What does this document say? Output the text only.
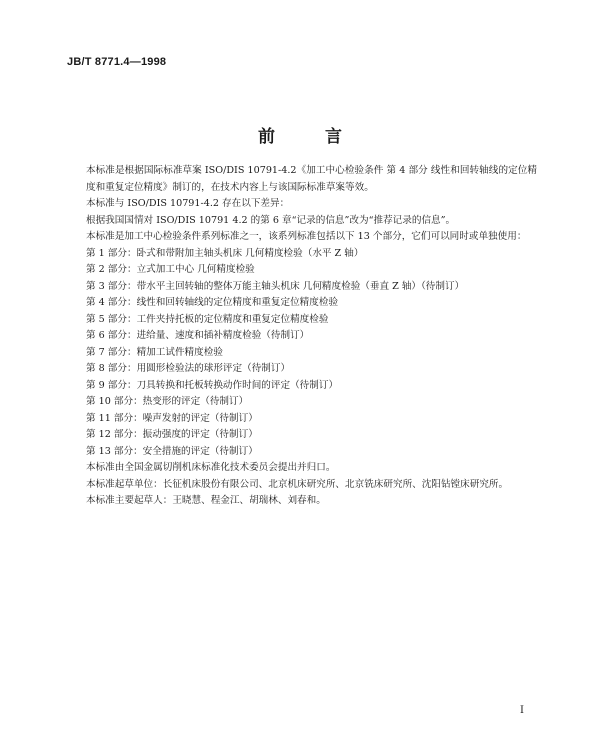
JB/T 8771.4—1998
前 言

本标准是根据国际标准草案 ISO/DIS 10791-4.2《加工中心检验条件 第 4 部分 线性和回转轴线的定位精度和重复定位精度》制订的，在技术内容上与该国际标准草案等效。

本标准与 ISO/DIS 10791-4.2 存在以下差异：

根据我国国情对 ISO/DIS 10791 4.2 的第 6 章“记录的信息”改为“推荐记录的信息”。

本标准是加工中心检验条件系列标准之一，该系列标准包括以下 13 个部分，它们可以同时或单独使用：

第 1 部分：卧式和带附加主轴头机床 几何精度检验（水平 Z 轴）

第 2 部分：立式加工中心 几何精度检验

第 3 部分：带水平主回转轴的整体万能主轴头机床 几何精度检验（垂直 Z 轴）（待制订）

第 4 部分：线性和回转轴线的定位精度和重复定位精度检验

第 5 部分：工件夹持托板的定位精度和重复定位精度检验

第 6 部分：进给量、速度和插补精度检验（待制订）

第 7 部分：精加工试件精度检验

第 8 部分：用圆形检验法的球形评定（待制订）

第 9 部分：刀具转换和托板转换动作时间的评定（待制订）

第 10 部分：热变形的评定（待制订）

第 11 部分：噪声发射的评定（待制订）

第 12 部分：振动强度的评定（待制订）

第 13 部分：安全措施的评定（待制订）

本标准由全国金属切削机床标准化技术委员会提出并归口。

本标准起草单位：长征机床股份有限公司、北京机床研究所、北京铣床研究所、沈阳钻镗床研究所。

本标准主要起草人：王晓慧、程金江、胡瑞林、刘春和。

I
